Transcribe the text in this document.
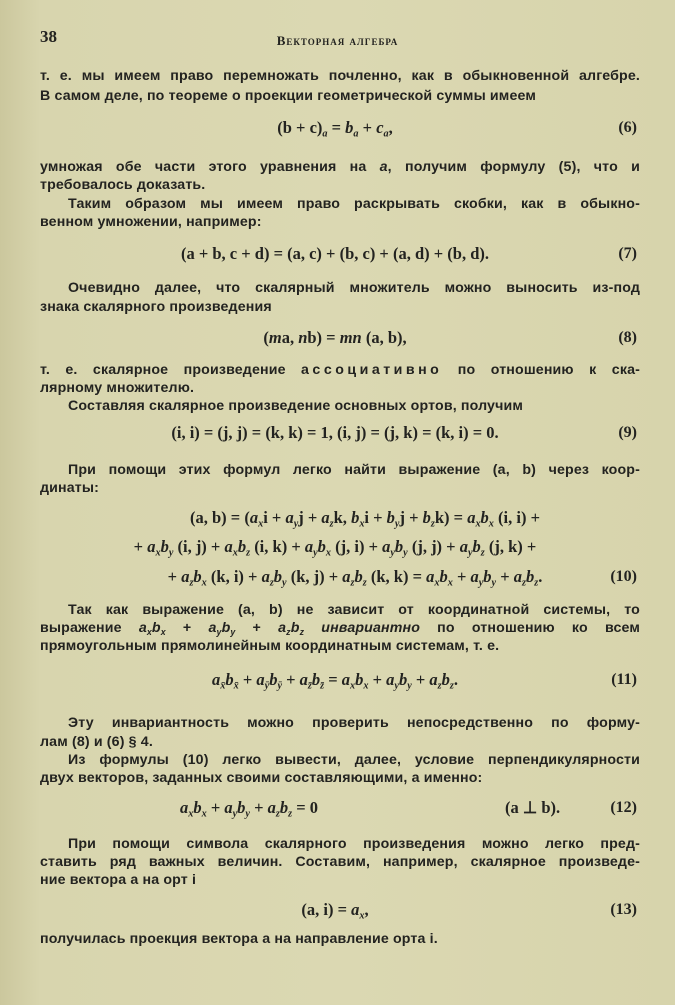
38	Векторная алгебра
т. е. мы имеем право перемножать почленно, как в обыкновенной алгебре.
В самом деле, по теореме о проекции геометрической суммы имеем
$(b + c)_a = b_a + c_a$,	(6)
умножая обе части этого уравнения на a, получим формулу (5), что и
требовалось доказать.
Таким образом мы имеем право раскрывать скобки, как в обыкно-
венном умножении, например:
(a + b, c + d) = (a, c) + (b, c) + (a, d) + (b, d).	(7)
Очевидно далее, что скалярный множитель можно выносить из-под
знака скалярного произведения
(ma, nb) = mn (a, b),	(8)
т. е. скалярное произведение ассоциативно по отношению к ска-
лярному множителю.
Составляя скалярное произведение основных ортов, получим
(i, i) = (j, j) = (k, k) = 1, (i, j) = (j, k) = (k, i) = 0.	(9)
При помощи этих формул легко найти выражение (a, b) через коор-
динаты:
(a, $b) = (a_xi + a_yj + a_zk$, $b_xi + b_yj + b_zk) = a_xb_x$ (i, i) +
+ $a_xb_y$ (i, $j) + a_xb_z$ (i, $k) + a_yb_x$ (j, $i) + a_yb_y$ (j, $j) + a_yb_z$ (j, k) +
+ $a_zb_x$ (k, $i) + a_zb_y$ (k, $j) + a_zb_z$ (k, $k) = a_xb_x + a_yb_y + a_zb_z$.	(10)
Так как выражение (a, b) не зависит от координатной системы, то
выражение $a_xb_x + a_yb_y + a_zb_z$ инвариантно по отношению ко всем
прямоугольным прямолинейным координатным системам, т. е.
$a_{x̄}b_{x̄} + a_ȳb_ȳ + a_{z̄}b_{z̄} = a_xb_x + a_yb_y + a_zb_z$.	(11)
Эту инвариантность можно проверить непосредственно по форму-
лам (8) и (6) § 4.
Из формулы (10) легко вывести, далее, условие перпендикулярности
двух векторов, заданных своими составляющими, а именно:
$a_xb_x + a_yb_y + a_zb_z = 0$	(a ⊥ b).	(12)
При помощи символа скалярного произведения можно легко пред-
ставить ряд важных величин. Составим, например, скалярное произведе-
ние вектора a на орт i
(a, $i) = a_x$,	(13)
получилась проекция вектора a на направление орта i.
